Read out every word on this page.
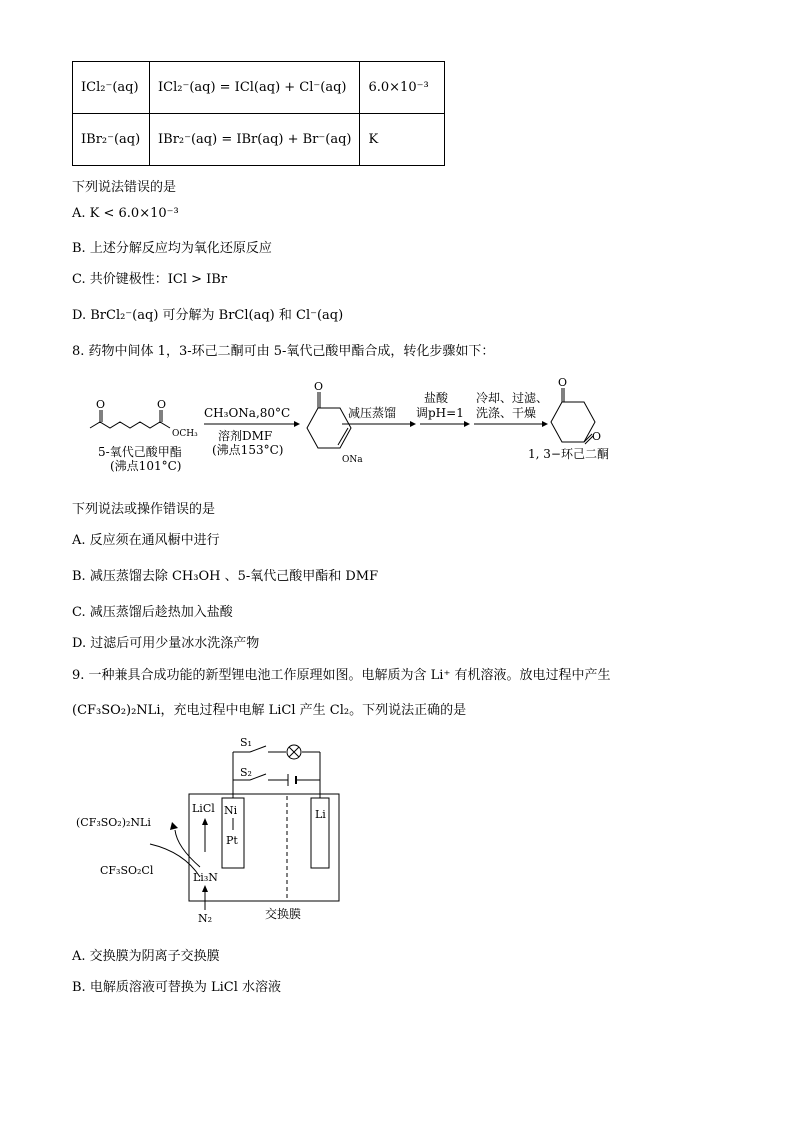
ICl₂⁻(aq)	ICl₂⁻(aq) = ICl(aq) + Cl⁻(aq)	6.0×10⁻³
IBr₂⁻(aq)	IBr₂⁻(aq) = IBr(aq) + Br⁻(aq)	K
下列说法错误的是
A. K < 6.0×10⁻³
B. 上述分解反应均为氧化还原反应
C. 共价键极性：ICl > IBr
D. BrCl₂⁻(aq) 可分解为 BrCl(aq) 和 Cl⁻(aq)
8. 药物中间体 1，3-环己二酮可由 5-氧代己酸甲酯合成，转化步骤如下：
O	O
OCH₃
5-氧代己酸甲酯
(沸点101°C)
CH₃ONa,80°C
溶剂DMF
(沸点153°C)
O
ONa
减压蒸馏
盐酸
调pH=1
冷却、过滤、
洗涤、干燥
O
O
1, 3−环己二酮
下列说法或操作错误的是
A. 反应须在通风橱中进行
B. 减压蒸馏去除 CH₃OH 、5-氧代己酸甲酯和 DMF
C. 减压蒸馏后趁热加入盐酸
D. 过滤后可用少量冰水洗涤产物
9. 一种兼具合成功能的新型锂电池工作原理如图。电解质为含 Li⁺ 有机溶液。放电过程中产生
(CF₃SO₂)₂NLi，充电过程中电解 LiCl 产生 Cl₂。下列说法正确的是
S₁
S₂
Ni
Pt
Li
LiCl
Li₃N
N₂
(CF₃SO₂)₂NLi
CF₃SO₂Cl
交换膜
A. 交换膜为阴离子交换膜
B. 电解质溶液可替换为 LiCl 水溶液
